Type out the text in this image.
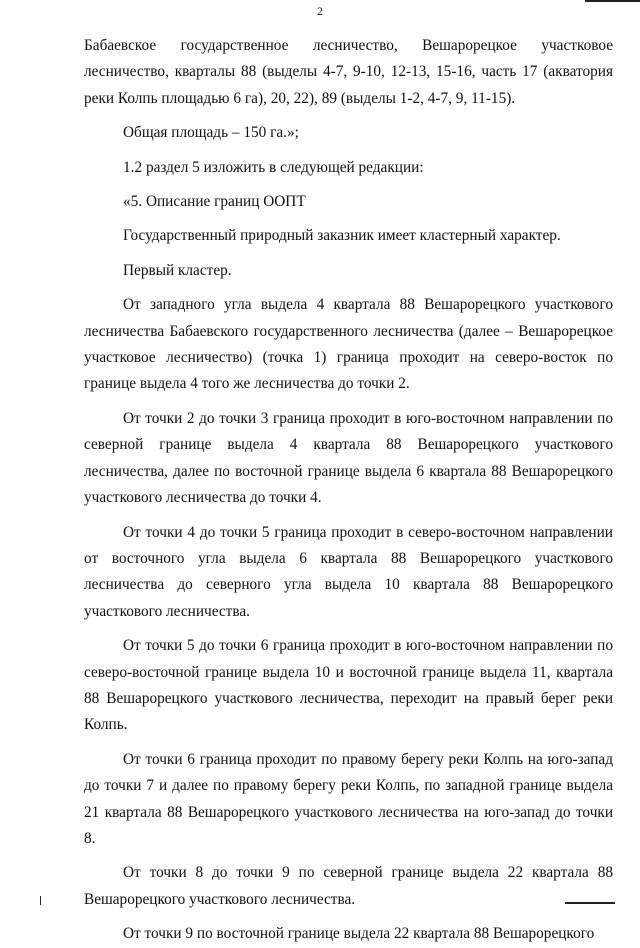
2

Бабаевское государственное лесничество, Вешарорецкое участковое лесничество, кварталы 88 (выделы 4-7, 9-10, 12-13, 15-16, часть 17 (акватория реки Колпь площадью 6 га), 20, 22), 89 (выделы 1-2, 4-7, 9, 11-15).

Общая площадь – 150 га.»;

1.2 раздел 5 изложить в следующей редакции:

«5. Описание границ ООПТ

Государственный природный заказник имеет кластерный характер.

Первый кластер.

От западного угла выдела 4 квартала 88 Вешарорецкого участкового лесничества Бабаевского государственного лесничества (далее – Вешарорецкое участковое лесничество) (точка 1) граница проходит на северо-восток по границе выдела 4 того же лесничества до точки 2.

От точки 2 до точки 3 граница проходит в юго-восточном направлении по северной границе выдела 4 квартала 88 Вешарорецкого участкового лесничества, далее по восточной границе выдела 6 квартала 88 Вешарорецкого участкового лесничества до точки 4.

От точки 4 до точки 5 граница проходит в северо-восточном направлении от восточного угла выдела 6 квартала 88 Вешарорецкого участкового лесничества до северного угла выдела 10 квартала 88 Вешарорецкого участкового лесничества.

От точки 5 до точки 6 граница проходит в юго-восточном направлении по северо-восточной границе выдела 10 и восточной границе выдела 11, квартала 88 Вешарорецкого участкового лесничества, переходит на правый берег реки Колпь.

От точки 6 граница проходит по правому берегу реки Колпь на юго-запад до точки 7 и далее по правому берегу реки Колпь, по западной границе выдела 21 квартала 88 Вешарорецкого участкового лесничества на юго-запад до точки 8.

От точки 8 до точки 9 по северной границе выдела 22 квартала 88 Вешарорецкого участкового лесничества.

От точки 9 по восточной границе выдела 22 квартала 88 Вешарорецкого
